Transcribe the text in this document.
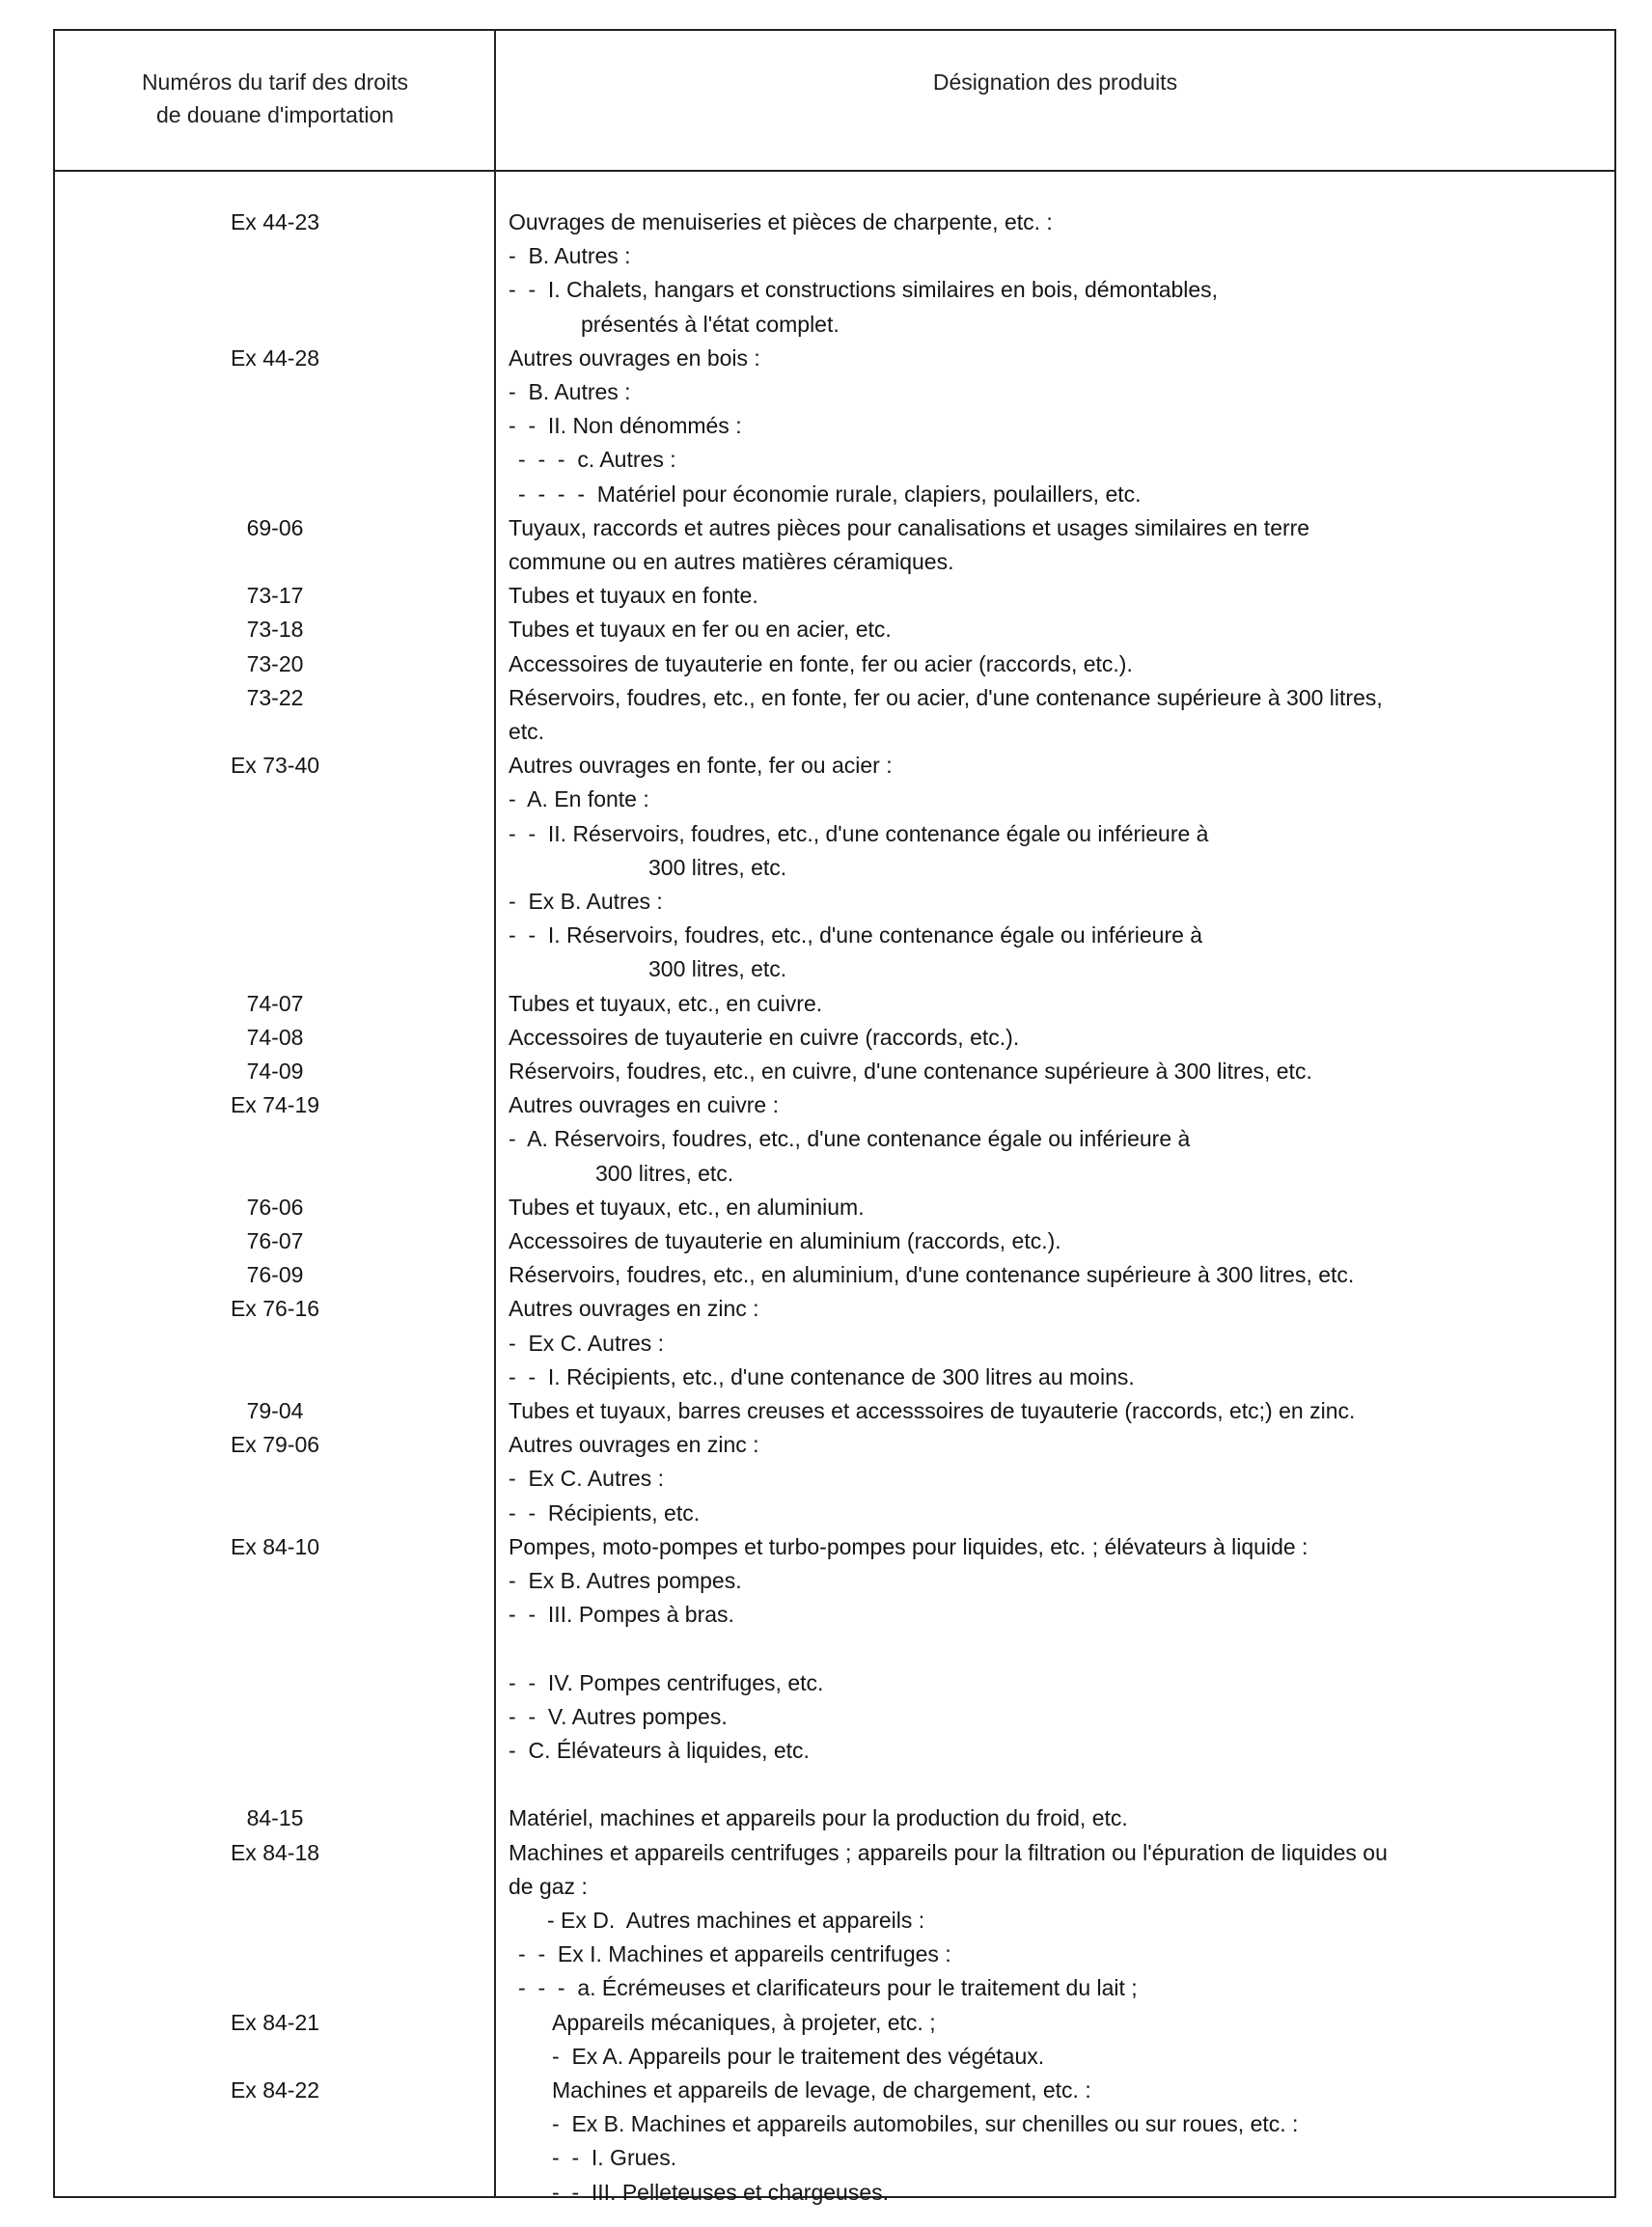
Numéros du tarif des droits
de douane d'importation
Désignation des produits
Ex 44-23
Ex 44-28
69-06
73-17
73-18
73-20
73-22
Ex 73-40
74-07
74-08
74-09
Ex 74-19
76-06
76-07
76-09
Ex 76-16
79-04
Ex 79-06
Ex 84-10
84-15
Ex 84-18
Ex 84-21
Ex 84-22
Ouvrages de menuiseries et pièces de charpente, etc. :
-  B. Autres :
-  -  I. Chalets, hangars et constructions similaires en bois, démontables,
présentés à l'état complet.
Autres ouvrages en bois :
-  B. Autres :
-  -  II. Non dénommés :
-  -  -  c. Autres :
-  -  -  -  Matériel pour économie rurale, clapiers, poulaillers, etc.
Tuyaux, raccords et autres pièces pour canalisations et usages similaires en terre
commune ou en autres matières céramiques.
Tubes et tuyaux en fonte.
Tubes et tuyaux en fer ou en acier, etc.
Accessoires de tuyauterie en fonte, fer ou acier (raccords, etc.).
Réservoirs, foudres, etc., en fonte, fer ou acier, d'une contenance supérieure à 300 litres,
etc.
Autres ouvrages en fonte, fer ou acier :
-  A. En fonte :
-  -  II. Réservoirs, foudres, etc., d'une contenance égale ou inférieure à
300 litres, etc.
-  Ex B. Autres :
-  -  I. Réservoirs, foudres, etc., d'une contenance égale ou inférieure à
300 litres, etc.
Tubes et tuyaux, etc., en cuivre.
Accessoires de tuyauterie en cuivre (raccords, etc.).
Réservoirs, foudres, etc., en cuivre, d'une contenance supérieure à 300 litres, etc.
Autres ouvrages en cuivre :
-  A. Réservoirs, foudres, etc., d'une contenance égale ou inférieure à
300 litres, etc.
Tubes et tuyaux, etc., en aluminium.
Accessoires de tuyauterie en aluminium (raccords, etc.).
Réservoirs, foudres, etc., en aluminium, d'une contenance supérieure à 300 litres, etc.
Autres ouvrages en zinc :
-  Ex C. Autres :
-  -  I. Récipients, etc., d'une contenance de 300 litres au moins.
Tubes et tuyaux, barres creuses et accesssoires de tuyauterie (raccords, etc;) en zinc.
Autres ouvrages en zinc :
-  Ex C. Autres :
-  -  Récipients, etc.
Pompes, moto-pompes et turbo-pompes pour liquides, etc. ; élévateurs à liquide :
-  Ex B. Autres pompes.
-  -  III. Pompes à bras.
-  -  IV. Pompes centrifuges, etc.
-  -  V. Autres pompes.
-  C. Élévateurs à liquides, etc.
Matériel, machines et appareils pour la production du froid, etc.
Machines et appareils centrifuges ; appareils pour la filtration ou l'épuration de liquides ou
de gaz :
- Ex D.  Autres machines et appareils :
-  -  Ex I. Machines et appareils centrifuges :
-  -  -  a. Écrémeuses et clarificateurs pour le traitement du lait ;
Appareils mécaniques, à projeter, etc. ;
-  Ex A. Appareils pour le traitement des végétaux.
Machines et appareils de levage, de chargement, etc. :
-  Ex B. Machines et appareils automobiles, sur chenilles ou sur roues, etc. :
-  -  I. Grues.
-  -  III. Pelleteuses et chargeuses.
